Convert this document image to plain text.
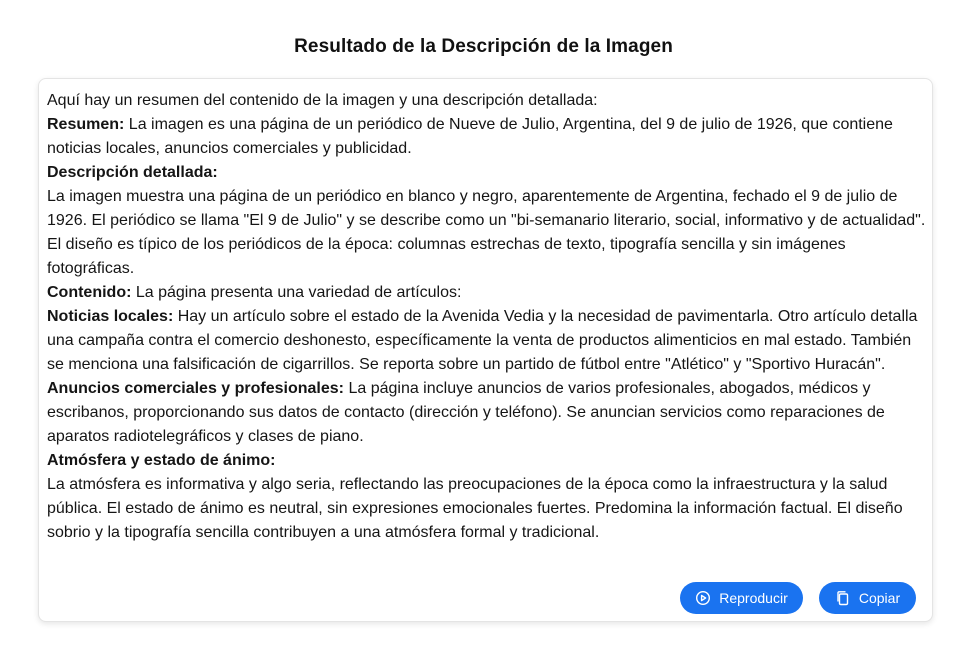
Resultado de la Descripción de la Imagen

Aquí hay un resumen del contenido de la imagen y una descripción detallada:

Resumen: La imagen es una página de un periódico de Nueve de Julio, Argentina, del 9 de julio de 1926, que contiene noticias locales, anuncios comerciales y publicidad.

Descripción detallada:

La imagen muestra una página de un periódico en blanco y negro, aparentemente de Argentina, fechado el 9 de julio de 1926. El periódico se llama "El 9 de Julio" y se describe como un "bi-semanario literario, social, informativo y de actualidad". El diseño es típico de los periódicos de la época: columnas estrechas de texto, tipografía sencilla y sin imágenes fotográficas.

Contenido: La página presenta una variedad de artículos:

Noticias locales: Hay un artículo sobre el estado de la Avenida Vedia y la necesidad de pavimentarla. Otro artículo detalla una campaña contra el comercio deshonesto, específicamente la venta de productos alimenticios en mal estado. También se menciona una falsificación de cigarrillos. Se reporta sobre un partido de fútbol entre "Atlético" y "Sportivo Huracán".

Anuncios comerciales y profesionales: La página incluye anuncios de varios profesionales, abogados, médicos y escribanos, proporcionando sus datos de contacto (dirección y teléfono). Se anuncian servicios como reparaciones de aparatos radiotelegráficos y clases de piano.

Atmósfera y estado de ánimo:

La atmósfera es informativa y algo seria, reflectando las preocupaciones de la época como la infraestructura y la salud pública. El estado de ánimo es neutral, sin expresiones emocionales fuertes. Predomina la información factual. El diseño sobrio y la tipografía sencilla contribuyen a una atmósfera formal y tradicional.

Reproducir	Copiar
